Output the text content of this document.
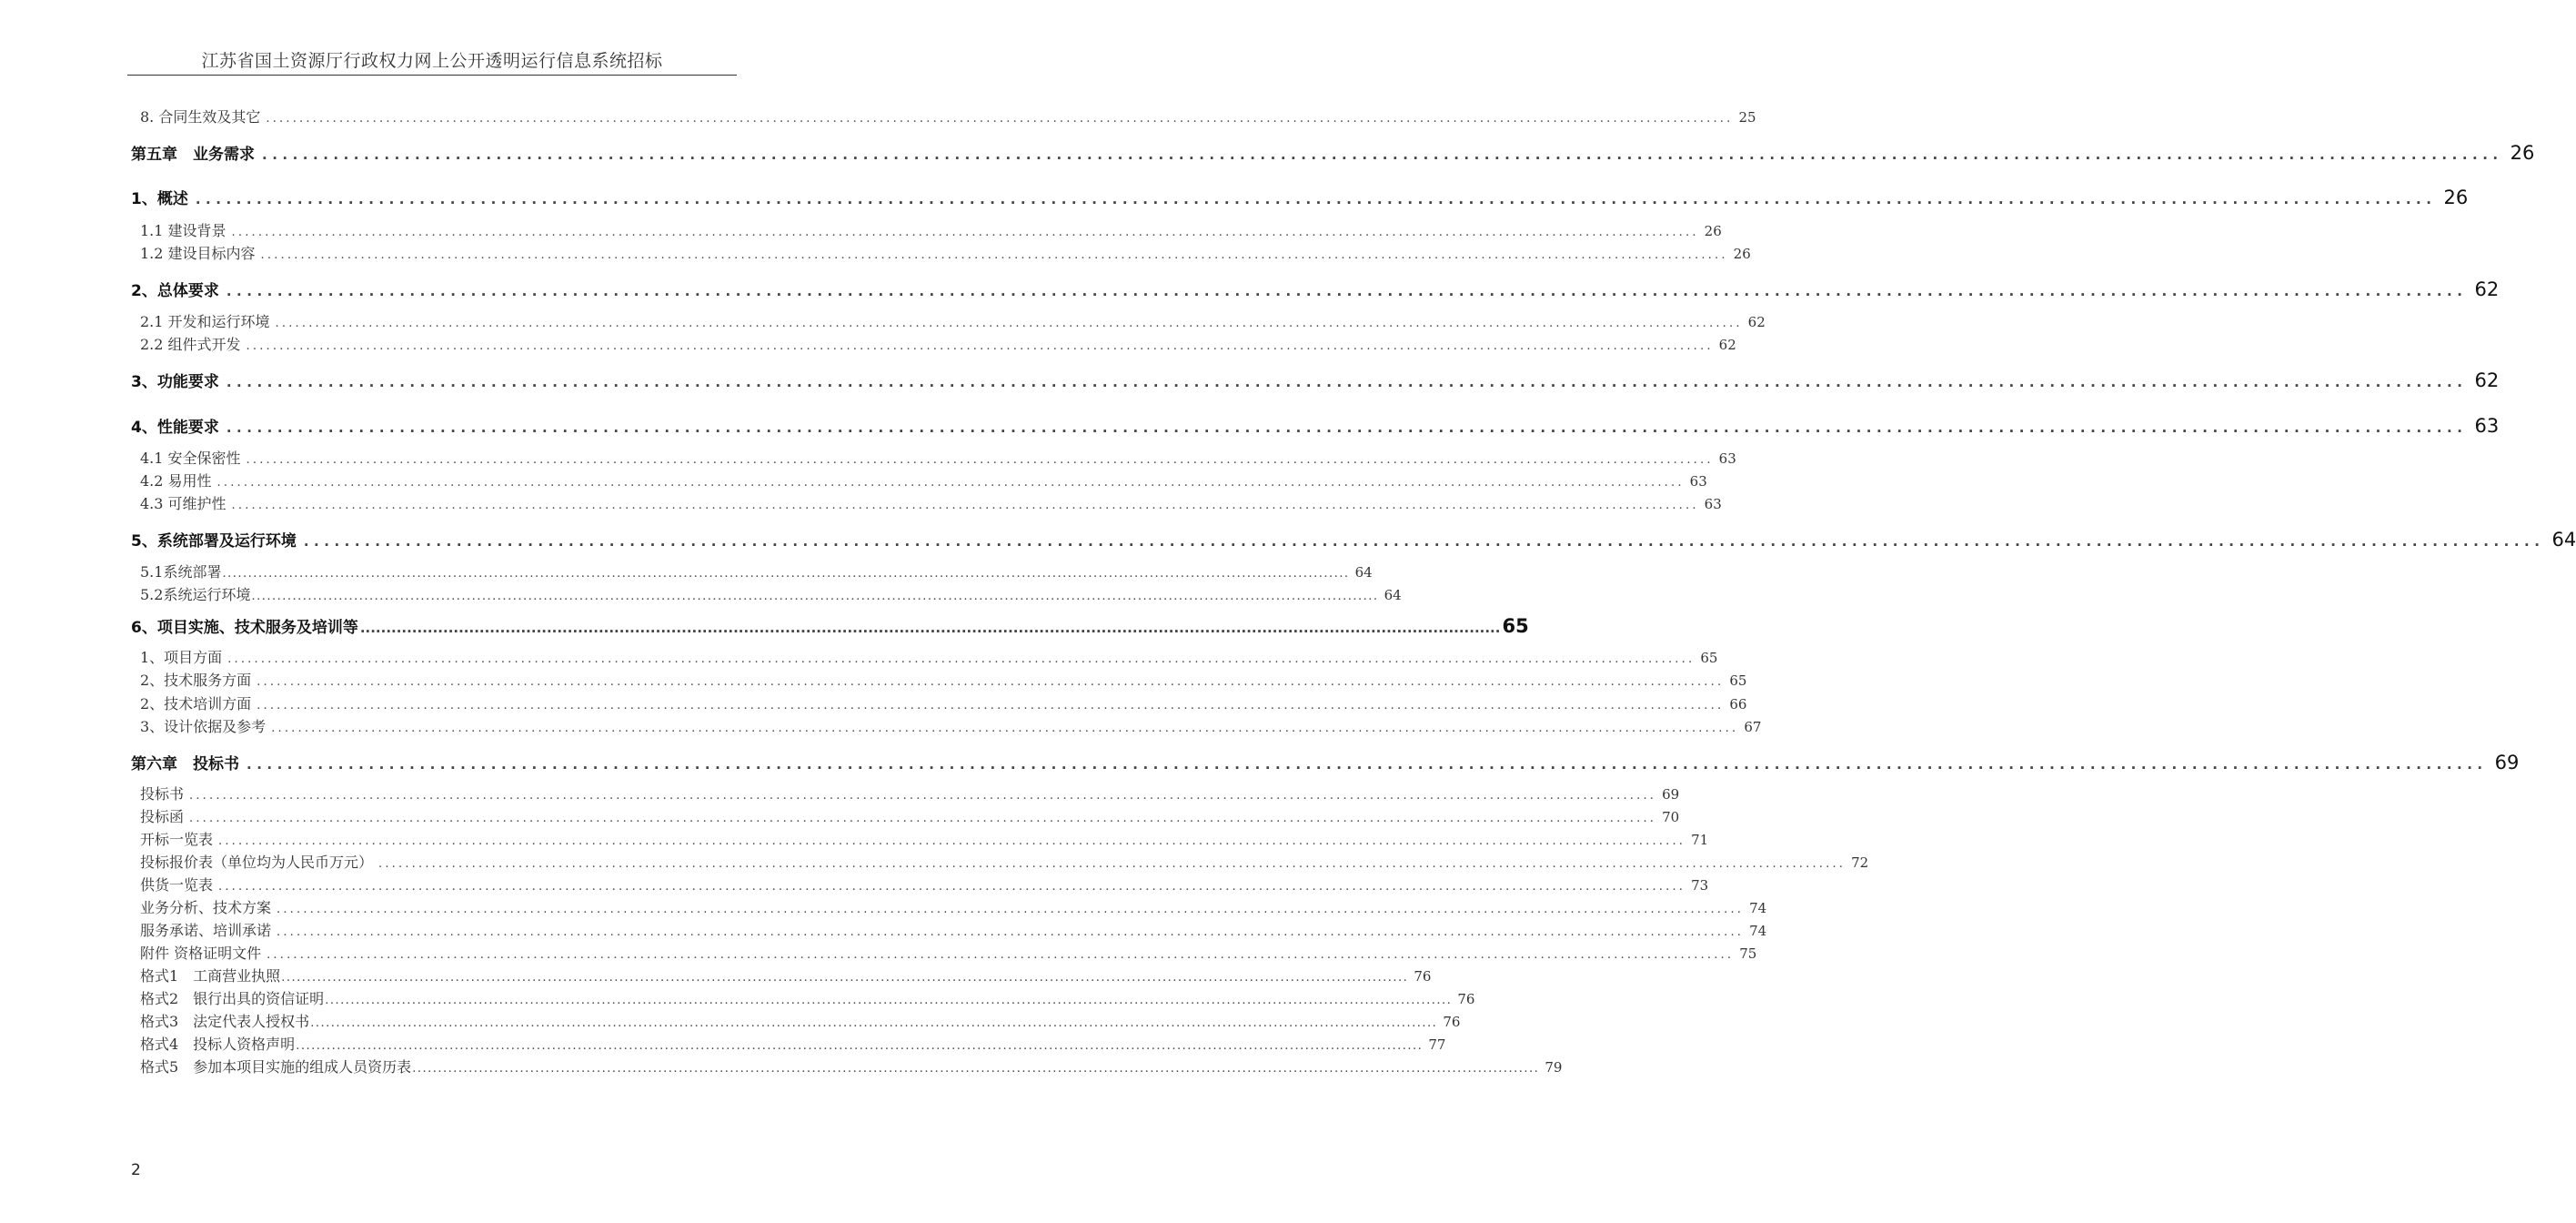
江苏省国土资源厅行政权力网上公开透明运行信息系统招标
8. 合同生效及其它 ............................................................................................................................................................................................................................ 25
第五章　业务需求 ............................................................................................................................................................................................................................ 26
1、概述 ............................................................................................................................................................................................................................ 26
1.1 建设背景 ............................................................................................................................................................................................................................ 26
1.2 建设目标内容 ............................................................................................................................................................................................................................ 26
2、总体要求 ............................................................................................................................................................................................................................ 62
2.1 开发和运行环境 ............................................................................................................................................................................................................................ 62
2.2 组件式开发 ............................................................................................................................................................................................................................ 62
3、功能要求 ............................................................................................................................................................................................................................ 62
4、性能要求 ............................................................................................................................................................................................................................ 63
4.1 安全保密性 ............................................................................................................................................................................................................................ 63
4.2 易用性 ............................................................................................................................................................................................................................ 63
4.3 可维护性 ............................................................................................................................................................................................................................ 63
5、系统部署及运行环境 ............................................................................................................................................................................................................................ 64
5.1系统部署 ............................................................................................................................................................................................................................ 64
5.2系统运行环境 ............................................................................................................................................................................................................................ 64
6、项目实施、技术服务及培训等 ............................................................................................................................................................................................................................ 65
1、项目方面 ............................................................................................................................................................................................................................ 65
2、技术服务方面 ............................................................................................................................................................................................................................ 65
2、技术培训方面 ............................................................................................................................................................................................................................ 66
3、设计依据及参考 ............................................................................................................................................................................................................................ 67
第六章　投标书 ............................................................................................................................................................................................................................ 69
投标书 ............................................................................................................................................................................................................................ 69
投标函 ............................................................................................................................................................................................................................ 70
开标一览表 ............................................................................................................................................................................................................................ 71
投标报价表（单位均为人民币万元） ............................................................................................................................................................................................................................ 72
供货一览表 ............................................................................................................................................................................................................................ 73
业务分析、技术方案 ............................................................................................................................................................................................................................ 74
服务承诺、培训承诺 ............................................................................................................................................................................................................................ 74
附件 资格证明文件 ............................................................................................................................................................................................................................ 75
格式1　工商营业执照 ............................................................................................................................................................................................................................ 76
格式2　银行出具的资信证明 ............................................................................................................................................................................................................................ 76
格式3　法定代表人授权书 ............................................................................................................................................................................................................................ 76
格式4　投标人资格声明 ............................................................................................................................................................................................................................ 77
格式5　参加本项目实施的组成人员资历表 ............................................................................................................................................................................................................................ 79
2
